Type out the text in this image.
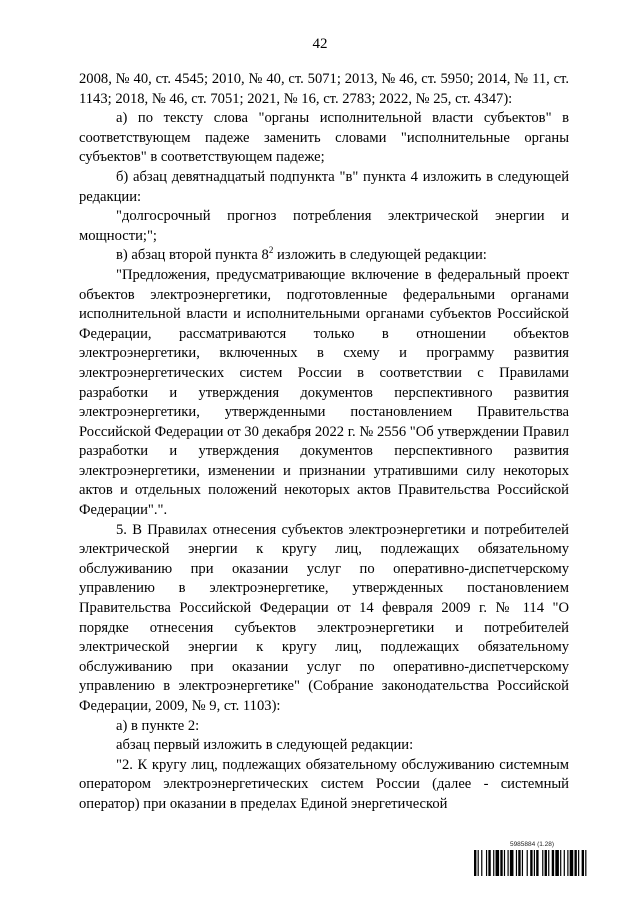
42

2008, № 40, ст. 4545; 2010, № 40, ст. 5071; 2013, № 46, ст. 5950; 2014, № 11, ст. 1143; 2018, № 46, ст. 7051; 2021, № 16, ст. 2783; 2022, № 25, ст. 4347):

а) по тексту слова "органы исполнительной власти субъектов" в соответствующем падеже заменить словами "исполнительные органы субъектов" в соответствующем падеже;

б) абзац девятнадцатый подпункта "в" пункта 4 изложить в следующей редакции:

"долгосрочный прогноз потребления электрической энергии и мощности;";

в) абзац второй пункта $8^2$ изложить в следующей редакции:

"Предложения, предусматривающие включение в федеральный проект объектов электроэнергетики, подготовленные федеральными органами исполнительной власти и исполнительными органами субъектов Российской Федерации, рассматриваются только в отношении объектов электроэнергетики, включенных в схему и программу развития электроэнергетических систем России в соответствии с Правилами разработки и утверждения документов перспективного развития электроэнергетики, утвержденными постановлением Правительства Российской Федерации от 30 декабря 2022 г. № 2556 "Об утверждении Правил разработки и утверждения документов перспективного развития электроэнергетики, изменении и признании утратившими силу некоторых актов и отдельных положений некоторых актов Правительства Российской Федерации".".

5. В Правилах отнесения субъектов электроэнергетики и потребителей электрической энергии к кругу лиц, подлежащих обязательному обслуживанию при оказании услуг по оперативно-диспетчерскому управлению в электроэнергетике, утвержденных постановлением Правительства Российской Федерации от 14 февраля 2009 г. № 114 "О порядке отнесения субъектов электроэнергетики и потребителей электрической энергии к кругу лиц, подлежащих обязательному обслуживанию при оказании услуг по оперативно-диспетчерскому управлению в электроэнергетике" (Собрание законодательства Российской Федерации, 2009, № 9, ст. 1103):

а) в пункте 2:

абзац первый изложить в следующей редакции:

"2. К кругу лиц, подлежащих обязательному обслуживанию системным оператором электроэнергетических систем России (далее - системный оператор) при оказании в пределах Единой энергетической

5985884 (1.28)
